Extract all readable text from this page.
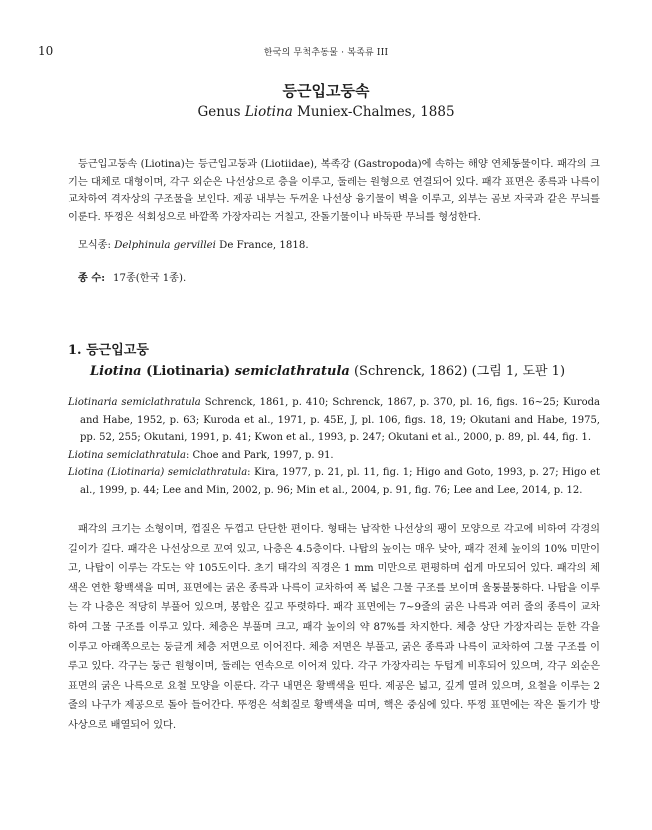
10	한국의 무척추동물 · 복족류 III
등근입고둥속
Genus Liotina Muniex-Chalmes, 1885
등근입고둥속 (Liotina)는 등근입고둥과 (Liotiidae), 복족강 (Gastropoda)에 속하는 해양 연체동물이다. 패각의 크기는 대체로 대형이며, 각구 외순은 나선상으로 층을 이루고, 둘레는 원형으로 연결되어 있다. 패각 표면은 종륵과 나륵이 교차하여 격자상의 구조물을 보인다. 제공 내부는 두꺼운 나선상 융기물이 벽을 이루고, 외부는 곰보 자국과 같은 무늬를 이룬다. 뚜껑은 석회성으로 바깥쪽 가장자리는 거칠고, 잔돌기물이나 바둑판 무늬를 형성한다.
모식종: Delphinula gervillei De France, 1818.
종 수: 17종(한국 1종).
1. 등근입고둥
Liotina (Liotinaria) semiclathratula (Schrenck, 1862) (그림 1, 도판 1)
Liotinaria semiclathratula Schrenck, 1861, p. 410; Schrenck, 1867, p. 370, pl. 16, figs. 16~25; Kuroda and Habe, 1952, p. 63; Kuroda et al., 1971, p. 45E, J, pl. 106, figs. 18, 19; Okutani and Habe, 1975, pp. 52, 255; Okutani, 1991, p. 41; Kwon et al., 1993, p. 247; Okutani et al., 2000, p. 89, pl. 44, fig. 1.
Liotina semiclathratula: Choe and Park, 1997, p. 91.
Liotina (Liotinaria) semiclathratula: Kira, 1977, p. 21, pl. 11, fig. 1; Higo and Goto, 1993, p. 27; Higo et al., 1999, p. 44; Lee and Min, 2002, p. 96; Min et al., 2004, p. 91, fig. 76; Lee and Lee, 2014, p. 12.
패각의 크기는 소형이며, 껍질은 두껍고 단단한 편이다. 형태는 납작한 나선상의 팽이 모양으로 각고에 비하여 각경의 길이가 길다. 패각은 나선상으로 꼬여 있고, 나층은 4.5층이다. 나탑의 높이는 매우 낮아, 패각 전체 높이의 10% 미만이고, 나탑이 이루는 각도는 약 105도이다. 초기 태각의 직경은 1 mm 미만으로 편평하며 쉽게 마모되어 있다. 패각의 체색은 연한 황백색을 띠며, 표면에는 굵은 종륵과 나륵이 교차하여 폭 넓은 그물 구조를 보이며 울퉁불퉁하다. 나탑을 이루는 각 나층은 적당히 부풀어 있으며, 봉합은 깊고 뚜렷하다. 패각 표면에는 7~9줄의 굵은 나륵과 여러 줄의 종륵이 교차하여 그물 구조를 이루고 있다. 체층은 부풀며 크고, 패각 높이의 약 87%를 차지한다. 체층 상단 가장자리는 둔한 각을 이루고 아래쪽으로는 둥글게 체층 저면으로 이어진다. 체층 저면은 부풀고, 굵은 종륵과 나륵이 교차하여 그물 구조를 이루고 있다. 각구는 둥근 원형이며, 둘레는 연속으로 이어져 있다. 각구 가장자리는 두텁게 비후되어 있으며, 각구 외순은 표면의 굵은 나륵으로 요철 모양을 이룬다. 각구 내면은 황백색을 띤다. 제공은 넓고, 깊게 열려 있으며, 요철을 이루는 2줄의 나구가 제공으로 돌아 들어간다. 뚜껑은 석회질로 황백색을 띠며, 핵은 중심에 있다. 뚜껑 표면에는 작은 돌기가 방사상으로 배열되어 있다.
